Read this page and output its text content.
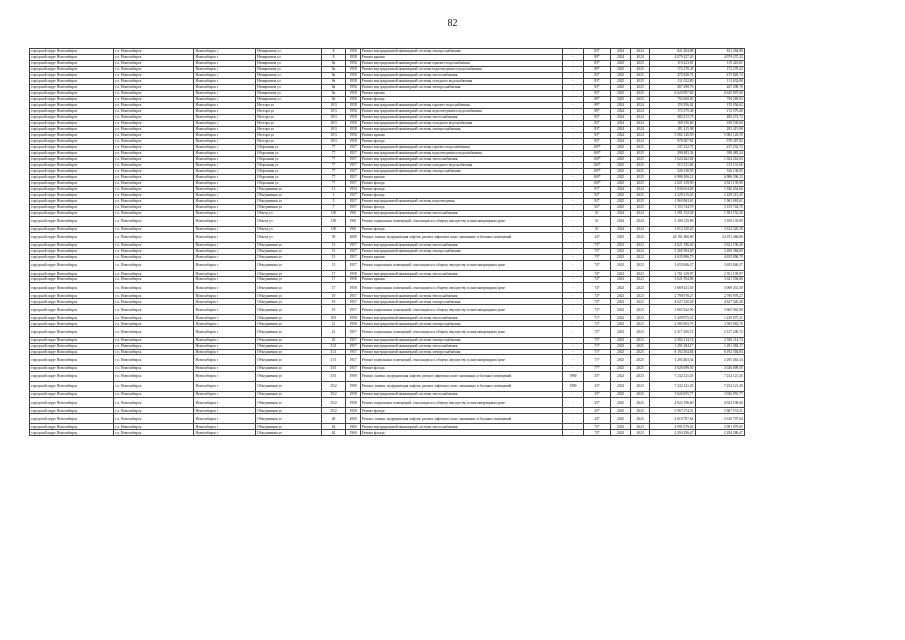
82
городской округ Новосибирск	г.о. Новосибирск	Новосибирск г	Немировича ул	8	1958	Ремонт внутридомовой инженерной системы электроснабжения	-	83*	2024	2024	821 284,88	821 284,88
городской округ Новосибирск	г.о. Новосибирск	Новосибирск г	Немировича ул	8	1958	Ремонт крыши	-	89*	2024	2024	4 079 237,43	4 079 237,43
городской округ Новосибирск	г.о. Новосибирск	Новосибирск г	Немировича ул	8а	1958	Ремонт внутридомовой инженерной системы горячего водоснабжения	-	83*	2025	2025	119 423,81	119 423,81
городской округ Новосибирск	г.о. Новосибирск	Новосибирск г	Немировича ул	8а	1958	Ремонт внутридомовой инженерной системы водоотведения и водоснабжения	-	89*	2025	2025	172 278,43	172 278,43
городской округ Новосибирск	г.о. Новосибирск	Новосибирск г	Немировича ул	8а	1958	Ремонт внутридомовой инженерной системы теплоснабжения	-	83*	2025	2025	475 828,74	475 828,74
городской округ Новосибирск	г.о. Новосибирск	Новосибирск г	Немировича ул	8а	1958	Ремонт внутридомовой инженерной системы холодного водоснабжения	-	83*	2025	2025	111 032,80	111 032,80
городской округ Новосибирск	г.о. Новосибирск	Новосибирск г	Немировича ул	8а	1958	Ремонт внутридомовой инженерной системы электроснабжения	-	83*	2025	2025	267 298,76	267 298,76
городской округ Новосибирск	г.о. Новосибирск	Новосибирск г	Немировича ул	8а	1958	Ремонт крыши	-	83*	2025	2025	6 620 897,60	6 620 897,60
городской округ Новосибирск	г.о. Новосибирск	Новосибирск г	Немировича ул	8а	1958	Ремонт фасада	-	89*	2025	2025	794 269,83	794 269,83
городской округ Новосибирск	г.о. Новосибирск	Новосибирск г	Нестора ул	10/3	1958	Ремонт внутридомовой инженерной системы горячего водоснабжения	-	89*	2024	2024	155 956,62	155 956,62
городской округ Новосибирск	г.о. Новосибирск	Новосибирск г	Нестора ул	10/3	1958	Ремонт внутридомовой инженерной системы водоотведения и водоснабжения	-	89*	2024	2024	172 379,40	172 379,40
городской округ Новосибирск	г.о. Новосибирск	Новосибирск г	Нестора ул	10/3	1958	Ремонт внутридомовой инженерной системы теплоснабжения	-	83*	2024	2024	485 272,73	485 272,73
городской округ Новосибирск	г.о. Новосибирск	Новосибирск г	Нестора ул	10/3	1958	Ремонт внутридомовой инженерной системы холодного водоснабжения	-	83*	2024	2024	169 530,60	169 530,60
городской округ Новосибирск	г.о. Новосибирск	Новосибирск г	Нестора ул	10/3	1958	Ремонт внутридомовой инженерной системы электроснабжения	-	83*	2024	2024	281 415,98	281 415,98
городской округ Новосибирск	г.о. Новосибирск	Новосибирск г	Нестора ул	10/3	1958	Ремонт крыши	-	83*	2024	2024	5 082 126,59	5 082 126,59
городской округ Новосибирск	г.о. Новосибирск	Новосибирск г	Нестора ул	10/3	1958	Ремонт фасада	-	83*	2024	2024	978 287,82	978 287,82
городской округ Новосибирск	г.о. Новосибирск	Новосибирск г	Оборонная ул	77	1957	Ремонт внутридомовой инженерной системы горячего водоснабжения	-	100*	2025	2025	237 232,75	237 232,75
городской округ Новосибирск	г.о. Новосибирск	Новосибирск г	Оборонная ул	77	1957	Ремонт внутридомовой инженерной системы водоотведения и водоснабжения	-	100*	2025	2025	398 483,34	398 483,34
городской округ Новосибирск	г.о. Новосибирск	Новосибирск г	Оборонная ул	77	1957	Ремонт внутридомовой инженерной системы теплоснабжения	-	100*	2025	2025	1 024 262,84	1 024 262,84
городской округ Новосибирск	г.о. Новосибирск	Новосибирск г	Оборонная ул	77	1957	Ремонт внутридомовой инженерной системы холодного водоснабжения	-	100*	2025	2025	313 131,66	313 131,66
городской округ Новосибирск	г.о. Новосибирск	Новосибирск г	Оборонная ул	77	1957	Ремонт внутридомовой инженерной системы электроснабжения	-	100*	2025	2025	526 138,95	526 138,95
городской округ Новосибирск	г.о. Новосибирск	Новосибирск г	Оборонная ул	77	1957	Ремонт крыши	-	100*	2025	2025	6 986 306,12	6 986 306,12
городской округ Новосибирск	г.о. Новосибирск	Новосибирск г	Оборонная ул	77	1957	Ремонт фасада	-	100*	2025	2025	2 021 139,90	2 021 139,90
городской округ Новосибирск	г.о. Новосибирск	Новосибирск г	Объединения ул	11	1954	Ремонт фасада	-	91*	2024	2024	1 636 654,66	1 636 654,66
городской округ Новосибирск	г.о. Новосибирск	Новосибирск г	Объединения ул	3	1957	Ремонт фасада	-	92*	2025	2025	2 229 215,45	2 229 215,45
городской округ Новосибирск	г.о. Новосибирск	Новосибирск г	Объединения ул	5	1957	Ремонт внутридомовой инженерной системы водоотведения	-	92*	2025	2025	1 963 063,61	1 963 063,61
городской округ Новосибирск	г.о. Новосибирск	Новосибирск г	Объединения ул	7	1957	Ремонт фасада	-	92*	2025	2025	3 155 744,70	3 155 744,70
городской округ Новосибирск	г.о. Новосибирск	Новосибирск г	Объезд ул	100	1961	Ремонт внутридомовой инженерной системы теплоснабжения	-	61	2024	2024	1 581 152,36	1 581 152,36
городской округ Новосибирск	г.о. Новосибирск	Новосибирск г	Объезд ул	100	1961	Ремонт подвальных помещений, относящихся к общему имуществу в многоквартирном доме	-	61	2024	2024	3 106 135,80	3 106 135,80
городской округ Новосибирск	г.о. Новосибирск	Новосибирск г	Объезд ул	100	1961	Ремонт фасада	-	61	2024	2024	3 612 320,20	3 612 320,20
городской округ Новосибирск	г.о. Новосибирск	Новосибирск г	Объезд ул	39	2000	Ремонт, замена, модернизация лифтов, ремонт лифтовых шахт, машинных и блочных помещений	-	24*	2025	2025	24 191 466,80	24 191 466,80
городской округ Новосибирск	г.о. Новосибирск	Новосибирск г	Объединения ул	15	1957	Ремонт внутридомовой инженерной системы теплоснабжения	-	73*	2023	2023	2 621 196,40	2 621 196,40
городской округ Новосибирск	г.о. Новосибирск	Новосибирск г	Объединения ул	15	1957	Ремонт внутридомовой инженерной системы электроснабжения	-	73*	2023	2023	5 269 384,69	5 269 384,69
городской округ Новосибирск	г.о. Новосибирск	Новосибирск г	Объединения ул	15	1957	Ремонт крыши	-	73*	2023	2023	4 635 896,79	4 635 896,79
городской округ Новосибирск	г.о. Новосибирск	Новосибирск г	Объединения ул	15	1957	Ремонт подвальных помещений, относящихся к общему имуществу в многоквартирном доме	-	73*	2023	2023	3 655 846,37	3 655 846,37
городской округ Новосибирск	г.о. Новосибирск	Новосибирск г	Объединения ул	17	1958	Ремонт внутридомовой инженерной системы теплоснабжения	-	74*	2023	2023	2 761 139,97	2 761 139,97
городской округ Новосибирск	г.о. Новосибирск	Новосибирск г	Объединения ул	17	1958	Ремонт крыши	-	72*	2023	2023	3 021 594,86	3 021 594,86
городской округ Новосибирск	г.о. Новосибирск	Новосибирск г	Объединения ул	17	1958	Ремонт подвальных помещений, относящихся к общему имуществу в многоквартирном доме	-	74*	2023	2023	3 069 431,50	3 069 431,50
городской округ Новосибирск	г.о. Новосибирск	Новосибирск г	Объединения ул	19	1957	Ремонт внутридомовой инженерной системы теплоснабжения	-	73*	2023	2023	2 790 978,27	2 790 978,27
городской округ Новосибирск	г.о. Новосибирск	Новосибирск г	Объединения ул	19	1957	Ремонт внутридомовой инженерной системы электроснабжения	-	73*	2023	2023	4 627 320,28	4 627 320,28
городской округ Новосибирск	г.о. Новосибирск	Новосибирск г	Объединения ул	19	1957	Ремонт подвальных помещений, относящихся к общему имуществу в многоквартирном доме	-	73*	2023	2023	3 665 942,90	3 665 942,90
городской округ Новосибирск	г.о. Новосибирск	Новосибирск г	Объединения ул	19/1	1958	Ремонт внутридомовой инженерной системы теплоснабжения	-	71*	2023	2023	1 429 875,31	1 429 875,31
городской округ Новосибирск	г.о. Новосибирск	Новосибирск г	Объединения ул	21	1958	Ремонт внутридомовой инженерной системы электроснабжения	-	72*	2023	2023	2 585 063,76	2 585 063,76
городской округ Новосибирск	г.о. Новосибирск	Новосибирск г	Объединения ул	21	1957	Ремонт подвальных помещений, относящихся к общему имуществу в многоквартирном доме	-	72*	2023	2023	2 317 200,72	2 317 200,72
городской округ Новосибирск	г.о. Новосибирск	Новосибирск г	Объединения ул	23	1957	Ремонт внутридомовой инженерной системы электроснабжения	-	73*	2023	2023	2 582 114,74	2 582 114,74
городской округ Новосибирск	г.о. Новосибирск	Новосибирск г	Объединения ул	31/1	1957	Ремонт внутридомовой инженерной системы теплоснабжения	-	71*	2025	2025	1 291 384,17	1 291 384,17
городской округ Новосибирск	г.о. Новосибирск	Новосибирск г	Объединения ул	31/1	1957	Ремонт внутридомовой инженерной системы электроснабжения	-	71*	2025	2025	8 192 304,84	8 192 304,84
городской округ Новосибирск	г.о. Новосибирск	Новосибирск г	Объединения ул	31/1	1957	Ремонт подвальных помещений, относящихся к общему имуществу в многоквартирном доме	-	71*	2025	2025	3 293 463,34	3 293 463,34
городской округ Новосибирск	г.о. Новосибирск	Новосибирск г	Объединения ул	33/1	1957	Ремонт фасада	-	77*	2025	2025	3 026 699,50	3 026 699,50
городской округ Новосибирск	г.о. Новосибирск	Новосибирск г	Объединения ул	33/1	1990	Ремонт, замена, модернизация лифтов, ремонт лифтовых шахт, машинных и блочных помещений	1990	33*	2023	2023	7 232 121,45	7 232 121,45
городской округ Новосибирск	г.о. Новосибирск	Новосибирск г	Объединения ул	35/2	1990	Ремонт, замена, модернизация лифтов, ремонт лифтовых шахт, машинных и блочных помещений	1990	33*	2023	2023	7 232 121,45	7 232 121,45
городской округ Новосибирск	г.о. Новосибирск	Новосибирск г	Объединения ул	35/2	1958	Ремонт внутридомовой инженерной системы теплоснабжения	-	35*	2025	2025	3 026 855,77	3 026 855,77
городской округ Новосибирск	г.о. Новосибирск	Новосибирск г	Объединения ул	35/2	1958	Ремонт подвальных помещений, относящихся к общему имуществу в многоквартирном доме	-	35*	2025	2025	4 922 196,60	4 922 196,60
городской округ Новосибирск	г.о. Новосибирск	Новосибирск г	Объединения ул	35/2	1958	Ремонт фасада	-	35*	2025	2025	5 967 574,21	5 967 574,21
городской округ Новосибирск	г.о. Новосибирск	Новосибирск г	Объединения ул	48	2000	Ремонт, замена, модернизация лифтов, ремонт лифтовых шахт, машинных и блочных помещений	-	24*	2025	2025	2 610 707,64	2 610 707,64
городской округ Новосибирск	г.о. Новосибирск	Новосибирск г	Объединения ул	62	1960	Ремонт внутридомовой инженерной системы теплоснабжения	-	73*	2023	2023	2 991 079,65	2 991 079,65
городской округ Новосибирск	г.о. Новосибирск	Новосибирск г	Объединения ул	62	1960	Ремонт фасада	-	73*	2023	2023	2 294 286,47	2 294 286,47
